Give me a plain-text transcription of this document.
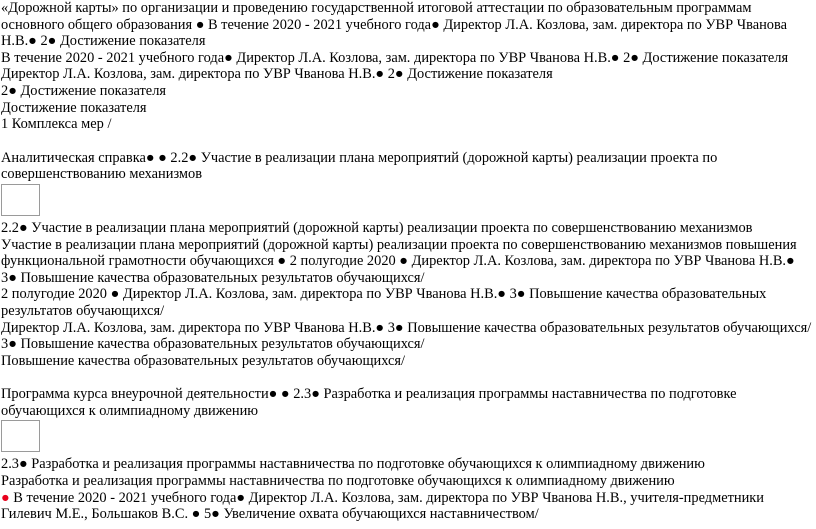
«Дорожной карты» по организации и проведению государственной итоговой аттестации по образовательным программам основного общего образования ● В течение 2020 - 2021 учебного года● Директор Л.А. Козлова, зам. директора по УВР Чванова Н.В.● 2● Достижение показателя

В течение 2020 - 2021 учебного года● Директор Л.А. Козлова, зам. директора по УВР Чванова Н.В.● 2● Достижение показателя

Директор Л.А. Козлова, зам. директора по УВР Чванова Н.В.● 2● Достижение показателя

2● Достижение показателя

Достижение показателя

1 Комплекса мер /

Аналитическая справка● ● 2.2● Участие в реализации плана мероприятий (дорожной карты) реализации проекта по совершенствованию механизмов

2.2● Участие в реализации плана мероприятий (дорожной карты) реализации проекта по совершенствованию механизмов

Участие в реализации плана мероприятий (дорожной карты) реализации проекта по совершенствованию механизмов повышения функциональной грамотности обучающихся ● 2 полугодие 2020 ● Директор Л.А. Козлова, зам. директора по УВР Чванова Н.В.● 3● Повышение качества образовательных результатов обучающихся/

2 полугодие 2020 ● Директор Л.А. Козлова, зам. директора по УВР Чванова Н.В.● 3● Повышение качества образовательных результатов обучающихся/

Директор Л.А. Козлова, зам. директора по УВР Чванова Н.В.● 3● Повышение качества образовательных результатов обучающихся/

3● Повышение качества образовательных результатов обучающихся/

Повышение качества образовательных результатов обучающихся/

Программа курса внеурочной деятельности● ● 2.3● Разработка и реализация программы наставничества по подготовке обучающихся к олимпиадному движению

2.3● Разработка и реализация программы наставничества по подготовке обучающихся к олимпиадному движению

Разработка и реализация программы наставничества по подготовке обучающихся к олимпиадному движению

● В течение 2020 - 2021 учебного года● Директор Л.А. Козлова, зам. директора по УВР Чванова Н.В., учителя-предметники Гилевич М.Е., Большаков В.С. ● 5● Увеличение охвата обучающихся наставничеством/
